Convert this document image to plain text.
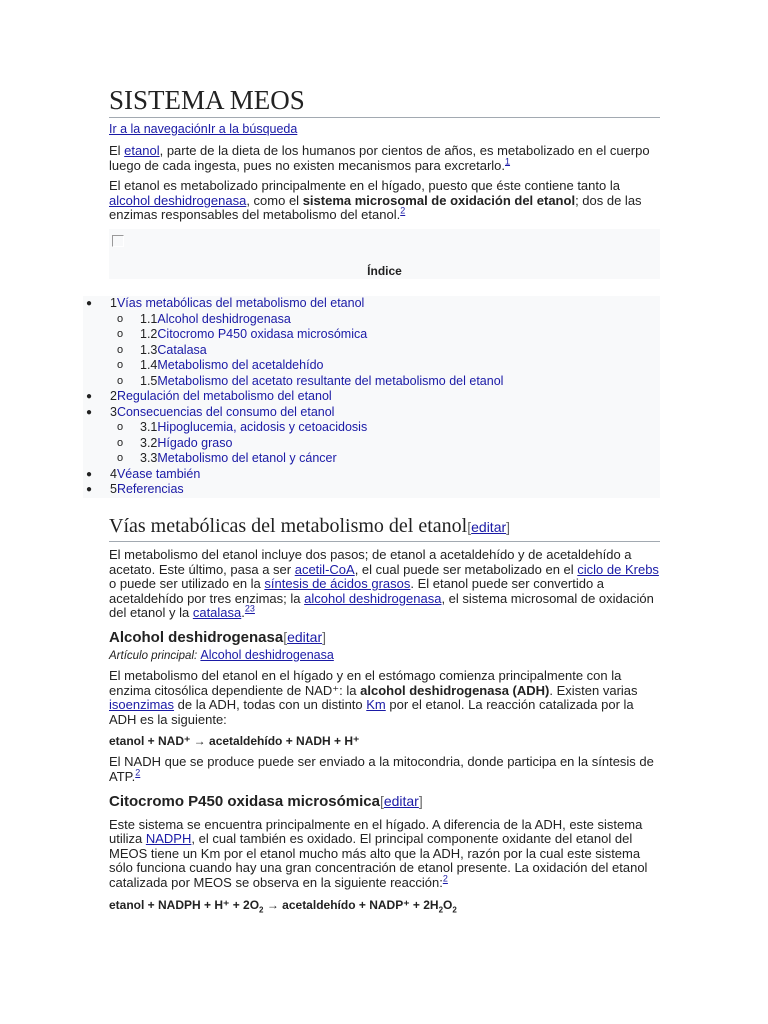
SISTEMA MEOS
Ir a la navegaciónIr a la búsqueda

El etanol, parte de la dieta de los humanos por cientos de años, es metabolizado en el cuerpo luego de cada ingesta, pues no existen mecanismos para excretarlo.$^1$

El etanol es metabolizado principalmente en el hígado, puesto que éste contiene tanto la alcohol deshidrogenasa, como el sistema microsomal de oxidación del etanol; dos de las enzimas responsables del metabolismo del etanol.$^2$

Índice
● 1Vías metabólicas del metabolismo del etanol
o 1.1Alcohol deshidrogenasa
o 1.2Citocromo P450 oxidasa microsómica
o 1.3Catalasa
o 1.4Metabolismo del acetaldehído
o 1.5Metabolismo del acetato resultante del metabolismo del etanol
● 2Regulación del metabolismo del etanol
● 3Consecuencias del consumo del etanol
o 3.1Hipoglucemia, acidosis y cetoacidosis
o 3.2Hígado graso
o 3.3Metabolismo del etanol y cáncer
● 4Véase también
● 5Referencias
Vías metabólicas del metabolismo del etanol[editar]

El metabolismo del etanol incluye dos pasos; de etanol a acetaldehído y de acetaldehído a acetato. Este último, pasa a ser acetil-CoA, el cual puede ser metabolizado en el ciclo de Krebs o puede ser utilizado en la síntesis de ácidos grasos. El etanol puede ser convertido a acetaldehído por tres enzimas; la alcohol deshidrogenasa, el sistema microsomal de oxidación del etanol y la catalasa.$^{23}$

Alcohol deshidrogenasa[editar]
Artículo principal: Alcohol deshidrogenasa

El metabolismo del etanol en el hígado y en el estómago comienza principalmente con la enzima citosólica dependiente de NAD⁺: la alcohol deshidrogenasa (ADH). Existen varias isoenzimas de la ADH, todas con un distinto Km por el etanol. La reacción catalizada por la ADH es la siguiente:

etanol + NAD⁺ → acetaldehído + NADH + H⁺

El NADH que se produce puede ser enviado a la mitocondria, donde participa en la síntesis de ATP.$^2$

Citocromo P450 oxidasa microsómica[editar]

Este sistema se encuentra principalmente en el hígado. A diferencia de la ADH, este sistema utiliza NADPH, el cual también es oxidado. El principal componente oxidante del etanol del MEOS tiene un Km por el etanol mucho más alto que la ADH, razón por la cual este sistema sólo funciona cuando hay una gran concentración de etanol presente. La oxidación del etanol catalizada por MEOS se observa en la siguiente reacción:$^2$

etanol + NADPH + $H^+ + 2O_2$ → acetaldehído + NADP⁺ + $2H_2O_2$
